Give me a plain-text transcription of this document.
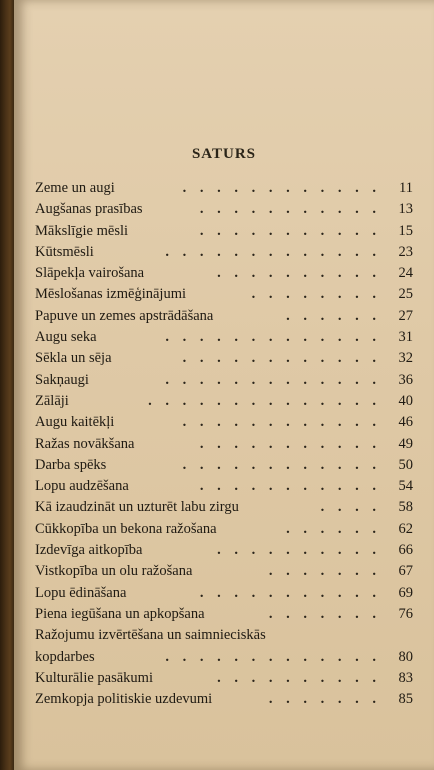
SATURS
Zeme un augi	. . . . . . . . . . . . 11
Augšanas prasības	. . . . . . . . . . . 13
Mākslīgie mēsli	. . . . . . . . . . . 15
Kūtsmēsli	. . . . . . . . . . . . . 23
Slāpekļa vairošana	. . . . . . . . . . 24
Mēslošanas izmēģinājumi	. . . . . . . . 25
Papuve un zemes apstrādāšana	. . . . . . 27
Augu seka	. . . . . . . . . . . . . 31
Sēkla un sēja	. . . . . . . . . . . . 32
Sakņaugi	. . . . . . . . . . . . . 36
Zālāji	. . . . . . . . . . . . . . 40
Augu kaitēkļi	. . . . . . . . . . . . 46
Ražas novākšana	. . . . . . . . . . . 49
Darba spēks	. . . . . . . . . . . . 50
Lopu audzēšana	. . . . . . . . . . . 54
Kā izaudzināt un uzturēt labu zirgu	. . . . 58
Cūkkopība un bekona ražošana	. . . . . . 62
Izdevīga aitkopība	. . . . . . . . . . 66
Vistkopība un olu ražošana	. . . . . . . 67
Lopu ēdināšana	. . . . . . . . . . . 69
Piena iegūšana un apkopšana	. . . . . . . 76
Ražojumu izvērtēšana un saimnieciskās
kopdarbes	. . . . . . . . . . . . . 80
Kulturālie pasākumi	. . . . . . . . . . 83
Zemkopja politiskie uzdevumi	. . . . . . . 85
